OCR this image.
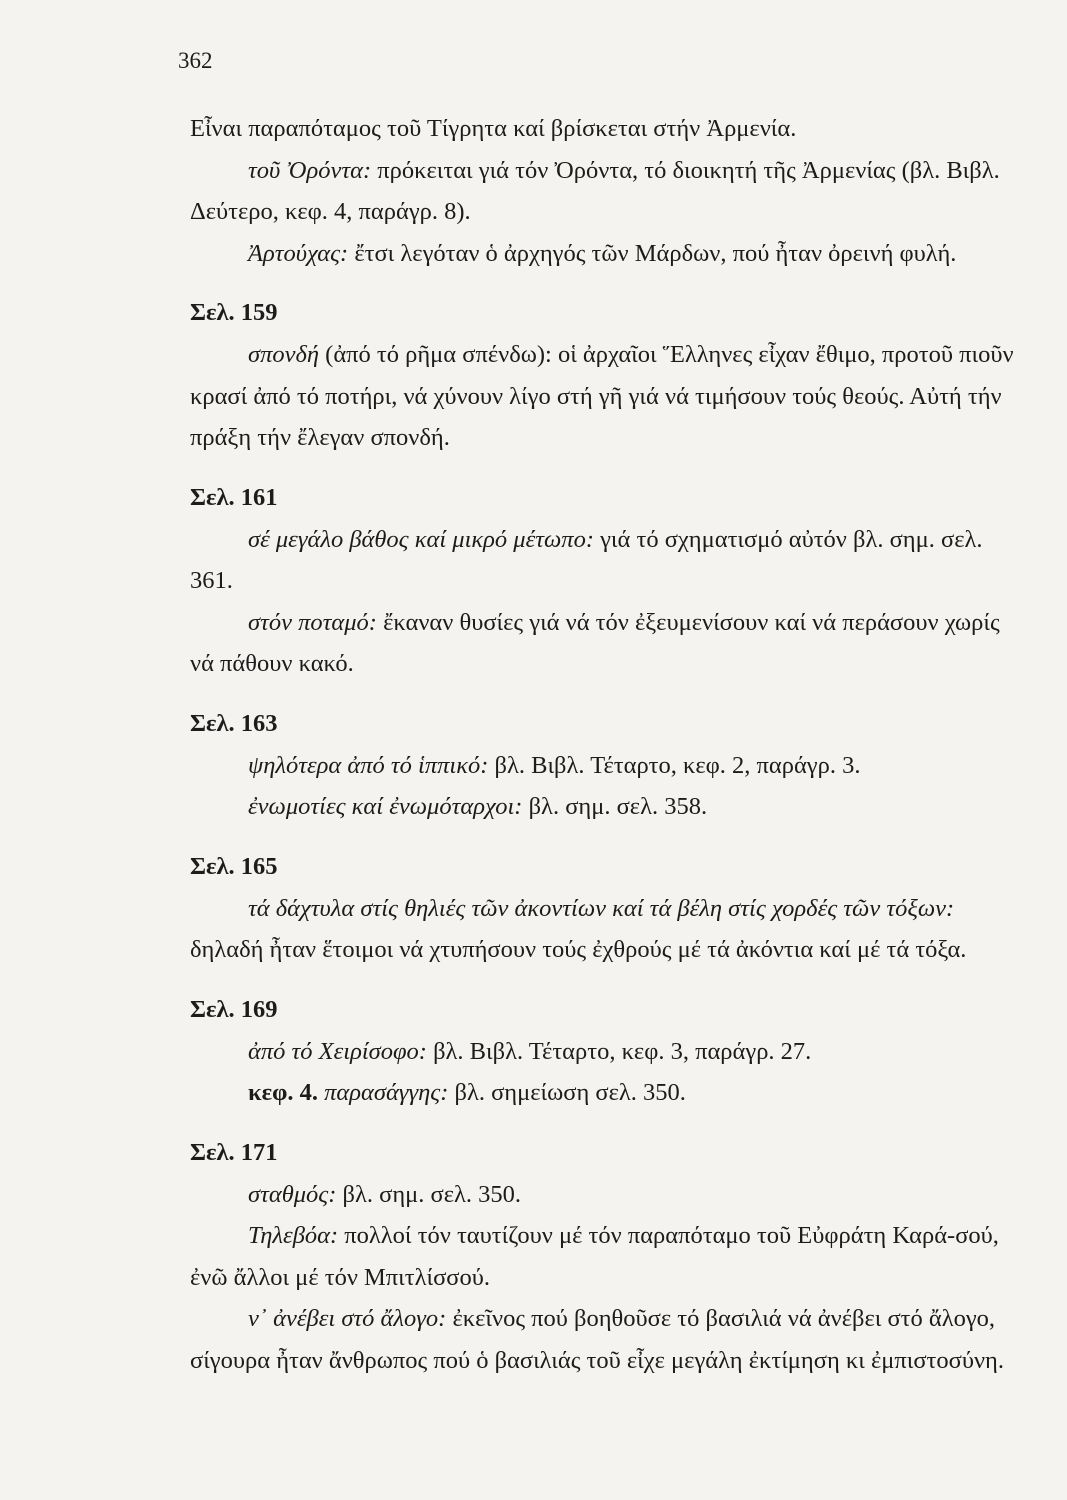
362

Εἶναι παραπόταμος τοῦ Τίγρητα καί βρίσκεται στήν Ἀρμενία.

τοῦ Ὀρόντα: πρόκειται γιά τόν Ὀρόντα, τό διοικητή τῆς Ἀρμενίας (βλ. Βιβλ. Δεύτερο, κεφ. 4, παράγρ. 8).

Ἀρτούχας: ἔτσι λεγόταν ὁ ἀρχηγός τῶν Μάρδων, πού ἦταν ὀρεινή φυλή.

Σελ. 159

σπονδή (ἀπό τό ρῆμα σπένδω): οἱ ἀρχαῖοι Ἕλληνες εἶχαν ἔθιμο, προτοῦ πιοῦν κρασί ἀπό τό ποτήρι, νά χύνουν λίγο στή γῆ γιά νά τιμήσουν τούς θεούς. Αὐτή τήν πράξη τήν ἔλεγαν σπονδή.

Σελ. 161

σέ μεγάλο βάθος καί μικρό μέτωπο: γιά τό σχηματισμό αὐτόν βλ. σημ. σελ. 361.

στόν ποταμό: ἔκαναν θυσίες γιά νά τόν ἐξευμενίσουν καί νά περάσουν χωρίς νά πάθουν κακό.

Σελ. 163

ψηλότερα ἀπό τό ἱππικό: βλ. Βιβλ. Τέταρτο, κεφ. 2, παράγρ. 3.

ἐνωμοτίες καί ἐνωμόταρχοι: βλ. σημ. σελ. 358.

Σελ. 165

τά δάχτυλα στίς θηλιές τῶν ἀκοντίων καί τά βέλη στίς χορδές τῶν τόξων: δηλαδή ἦταν ἕτοιμοι νά χτυπήσουν τούς ἐχθρούς μέ τά ἀκόντια καί μέ τά τόξα.

Σελ. 169

ἀπό τό Χειρίσοφο: βλ. Βιβλ. Τέταρτο, κεφ. 3, παράγρ. 27.

κεφ. 4. παρασάγγης: βλ. σημείωση σελ. 350.

Σελ. 171

σταθμός: βλ. σημ. σελ. 350.

Τηλεβόα: πολλοί τόν ταυτίζουν μέ τόν παραπόταμο τοῦ Εὐφράτη Καρά-σού, ἐνῶ ἄλλοι μέ τόν Μπιτλίσσού.

ν᾿ ἀνέβει στό ἄλογο: ἐκεῖνος πού βοηθοῦσε τό βασιλιά νά ἀνέβει στό ἄλογο, σίγουρα ἦταν ἄνθρωπος πού ὁ βασιλιάς τοῦ εἶχε μεγάλη ἐκτίμηση κι ἐμπιστοσύνη.
